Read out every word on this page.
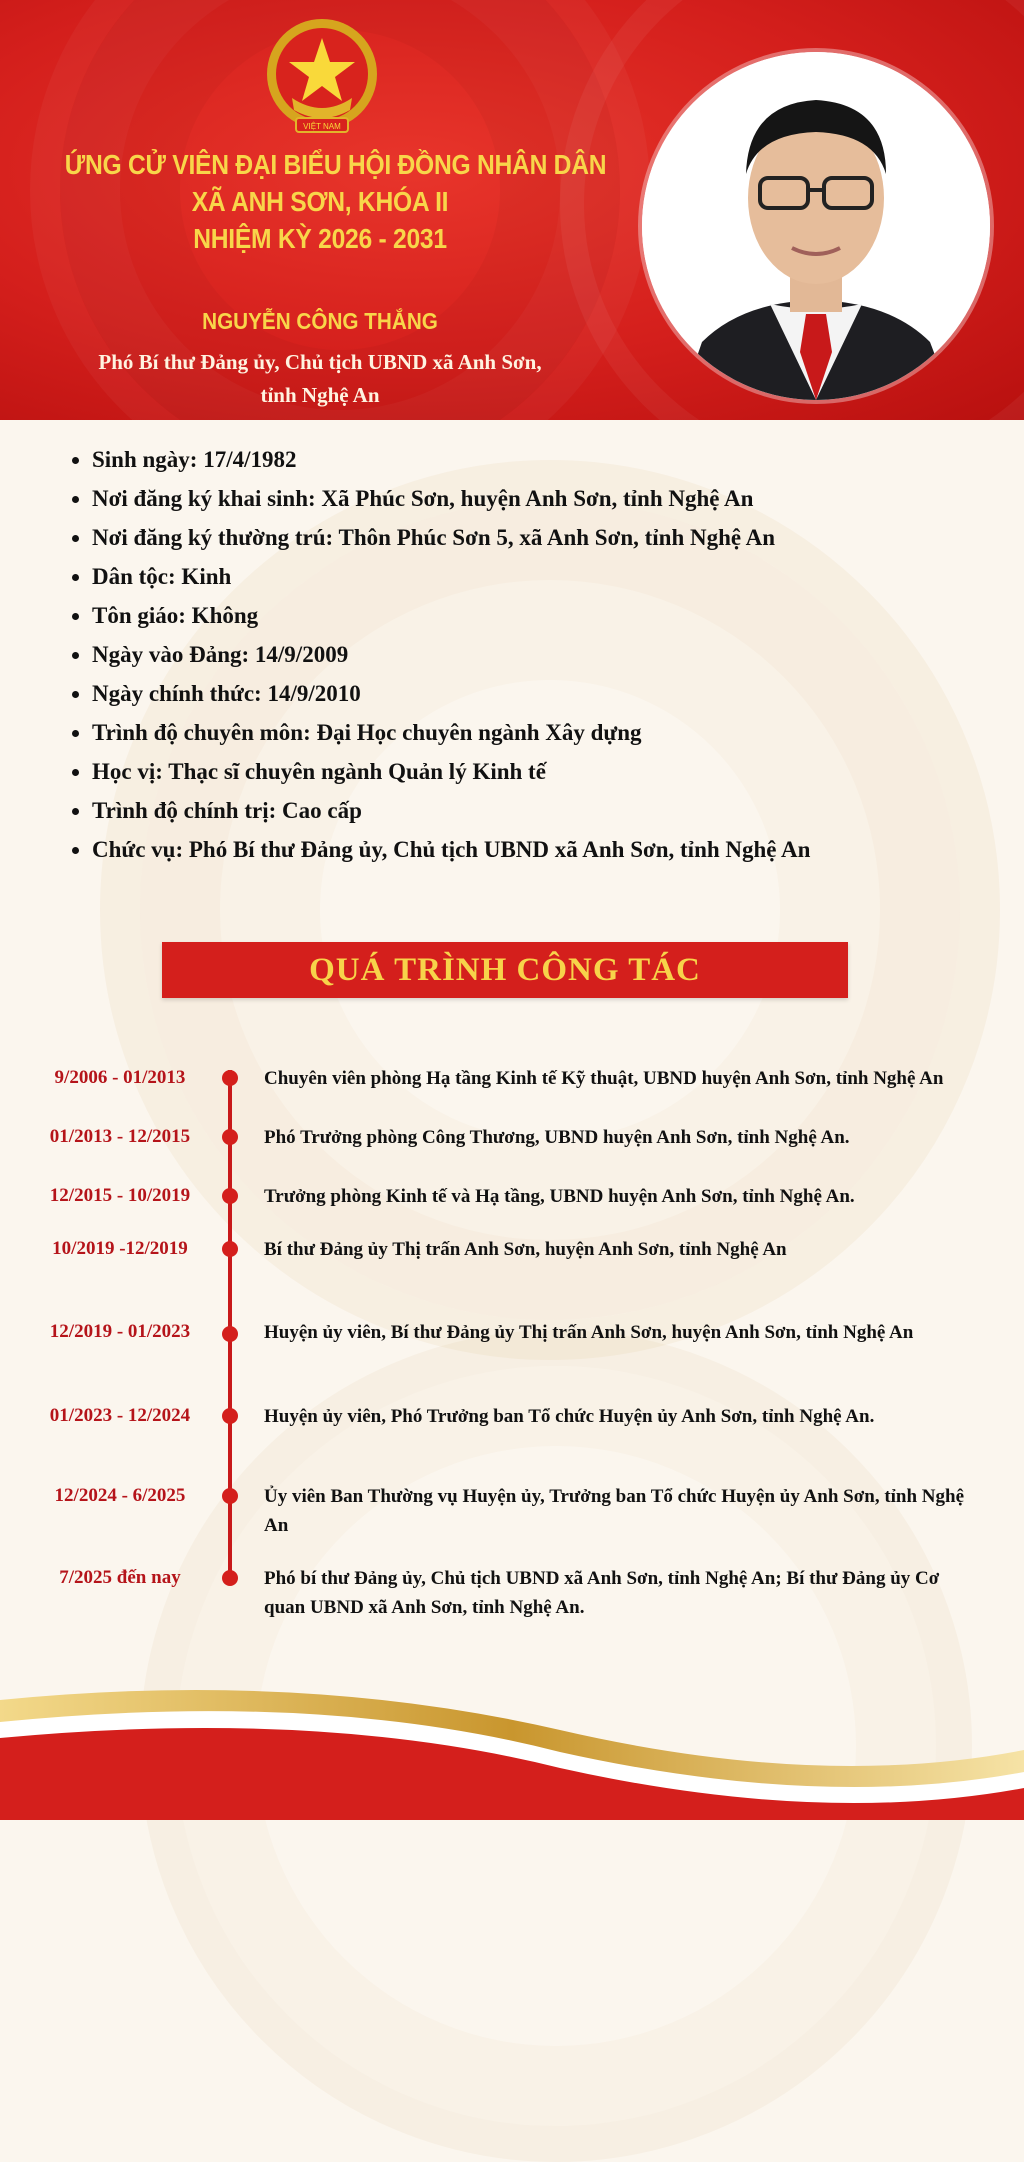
VIỆT NAM
ỨNG CỬ VIÊN ĐẠI BIỂU HỘI ĐỒNG NHÂN DÂN
XÃ ANH SƠN, KHÓA II
NHIỆM KỲ 2026 - 2031
NGUYỄN CÔNG THẮNG
Phó Bí thư Đảng ủy, Chủ tịch UBND xã Anh Sơn,
tỉnh Nghệ An
• Sinh ngày: 17/4/1982
• Nơi đăng ký khai sinh: Xã Phúc Sơn, huyện Anh Sơn, tỉnh Nghệ An
• Nơi đăng ký thường trú: Thôn Phúc Sơn 5, xã Anh Sơn, tỉnh Nghệ An
• Dân tộc: Kinh
• Tôn giáo: Không
• Ngày vào Đảng: 14/9/2009
• Ngày chính thức: 14/9/2010
• Trình độ chuyên môn: Đại Học chuyên ngành Xây dựng
• Học vị: Thạc sĩ chuyên ngành Quản lý Kinh tế
• Trình độ chính trị: Cao cấp
• Chức vụ: Phó Bí thư Đảng ủy, Chủ tịch UBND xã Anh Sơn, tỉnh Nghệ An
QUÁ TRÌNH CÔNG TÁC
9/2006 - 01/2013	Chuyên viên phòng Hạ tầng Kinh tế Kỹ thuật, UBND huyện Anh Sơn, tỉnh Nghệ An
01/2013 - 12/2015	Phó Trưởng phòng Công Thương, UBND huyện Anh Sơn, tỉnh Nghệ An.
12/2015 - 10/2019	Trưởng phòng Kinh tế và Hạ tầng, UBND huyện Anh Sơn, tỉnh Nghệ An.
10/2019 -12/2019	Bí thư Đảng ủy Thị trấn Anh Sơn, huyện Anh Sơn, tỉnh Nghệ An
12/2019 - 01/2023	Huyện ủy viên, Bí thư Đảng ủy Thị trấn Anh Sơn, huyện Anh Sơn, tỉnh Nghệ An
01/2023 - 12/2024	Huyện ủy viên, Phó Trưởng ban Tổ chức Huyện ủy Anh Sơn, tỉnh Nghệ An.
12/2024 - 6/2025	Ủy viên Ban Thường vụ Huyện ủy, Trưởng ban Tổ chức Huyện ủy Anh Sơn, tỉnh Nghệ An
7/2025 đến nay	Phó bí thư Đảng ủy, Chủ tịch UBND xã Anh Sơn, tỉnh Nghệ An; Bí thư Đảng ủy Cơ quan UBND xã Anh Sơn, tỉnh Nghệ An.
